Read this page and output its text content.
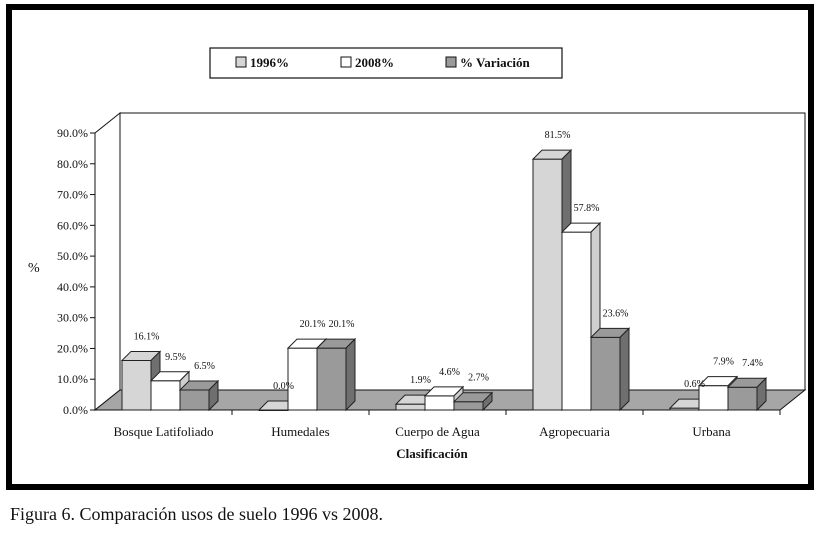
0.0%
10.0%
20.0%
30.0%
40.0%
50.0%
60.0%
70.0%
80.0%
90.0%
Bosque Latifoliado	Humedales	Cuerpo de Agua	Agropecuaria	Urbana
1996%	2008%	% Variación
16.1%
9.5%
6.5%
0.0%
20.1% 20.1%
1.9%
4.6%
2.7%
81.5%
57.8%
23.6%
0.6%
7.9% 7.4%
%
Clasificación
Figura 6. Comparación usos de suelo 1996 vs 2008.
